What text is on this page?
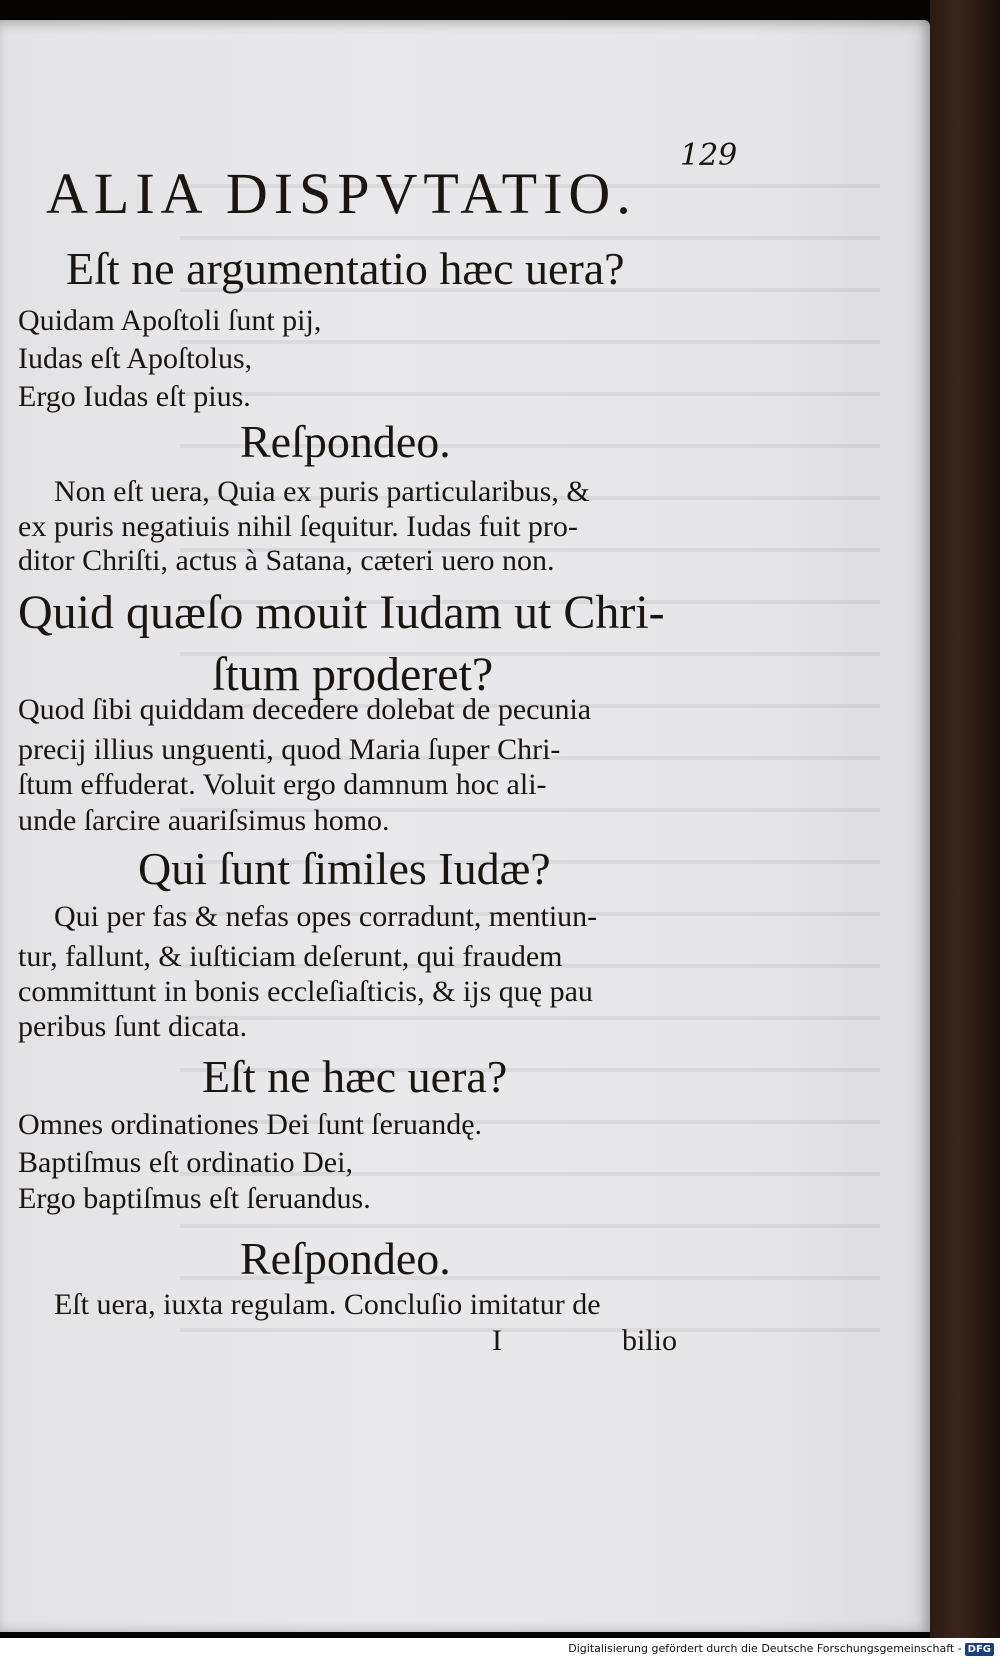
129
ALIA DISPVTATIO.
Eſt ne argumentatio hæc uera?
Quidam Apoſtoli ſunt pij,
Iudas eſt Apoſtolus,
Ergo Iudas eſt pius.
Reſpondeo.
Non eſt uera, Quia ex puris particularibus, &
ex puris negatiuis nihil ſequitur. Iudas fuit pro-
ditor Chriſti, actus à Satana, cæteri uero non.
Quid quæſo mouit Iudam ut Chri-
ſtum proderet?
Quod ſibi quiddam decedere dolebat de pecunia
precij illius unguenti, quod Maria ſuper Chri-
ſtum effuderat. Voluit ergo damnum hoc ali-
unde ſarcire auariſsimus homo.
Qui ſunt ſimiles Iudæ?
Qui per fas & nefas opes corradunt, mentiun-
tur, fallunt, & iuſticiam deſerunt, qui fraudem
committunt in bonis eccleſiaſticis, & ijs quę pau
peribus ſunt dicata.
Eſt ne hæc uera?
Omnes ordinationes Dei ſunt ſeruandę.
Baptiſmus eſt ordinatio Dei,
Ergo baptiſmus eſt ſeruandus.
Reſpondeo.
Eſt uera, iuxta regulam. Concluſio imitatur de
I	bilio
Digitalisierung gefördert durch die Deutsche Forschungsgemeinschaft - DFG
